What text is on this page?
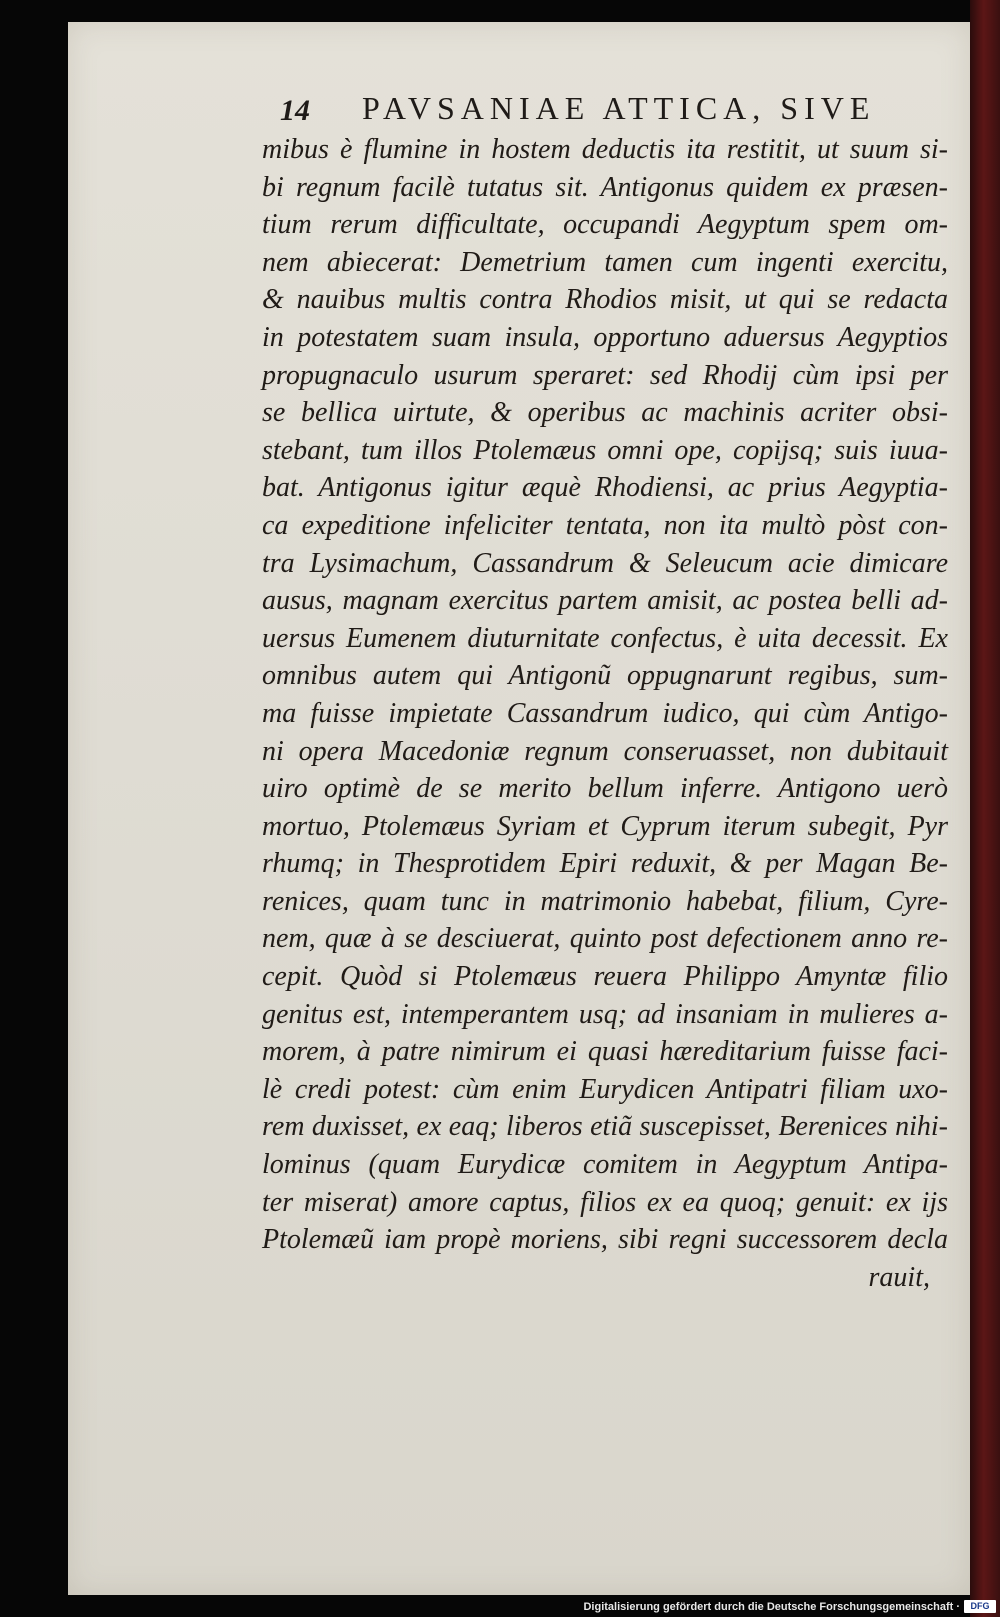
14 PAVSANIAE ATTICA, SIVE
mibus è flumine in hostem deductis ita restitit, ut suum si-
bi regnum facilè tutatus sit. Antigonus quidem ex præsen-
tium rerum difficultate, occupandi Aegyptum spem om-
nem abiecerat: Demetrium tamen cum ingenti exercitu,
& nauibus multis contra Rhodios misit, ut qui se redacta
in potestatem suam insula, opportuno aduersus Aegyptios
propugnaculo usurum speraret: sed Rhodij cùm ipsi per
se bellica uirtute, & operibus ac machinis acriter obsi-
stebant, tum illos Ptolemæus omni ope, copijsq; suis iuua-
bat. Antigonus igitur æquè Rhodiensi, ac prius Aegyptia-
ca expeditione infeliciter tentata, non ita multò pòst con-
tra Lysimachum, Cassandrum & Seleucum acie dimicare
ausus, magnam exercitus partem amisit, ac postea belli ad-
uersus Eumenem diuturnitate confectus, è uita decessit. Ex
omnibus autem qui Antigonũ oppugnarunt regibus, sum-
ma fuisse impietate Cassandrum iudico, qui cùm Antigo-
ni opera Macedoniæ regnum conseruasset, non dubitauit
uiro optimè de se merito bellum inferre. Antigono uerò
mortuo, Ptolemæus Syriam et Cyprum iterum subegit, Pyr
rhumq; in Thesprotidem Epiri reduxit, & per Magan Be-
renices, quam tunc in matrimonio habebat, filium, Cyre-
nem, quæ à se desciuerat, quinto post defectionem anno re-
cepit. Quòd si Ptolemæus reuera Philippo Amyntæ filio
genitus est, intemperantem usq; ad insaniam in mulieres a-
morem, à patre nimirum ei quasi hæreditarium fuisse faci-
lè credi potest: cùm enim Eurydicen Antipatri filiam uxo-
rem duxisset, ex eaq; liberos etiã suscepisset, Berenices nihi-
lominus (quam Eurydicæ comitem in Aegyptum Antipa-
ter miserat) amore captus, filios ex ea quoq; genuit: ex ijs
Ptolemæũ iam propè moriens, sibi regni successorem decla
rauit,
Digitalisierung gefördert durch die Deutsche Forschungsgemeinschaft ·	DFG
